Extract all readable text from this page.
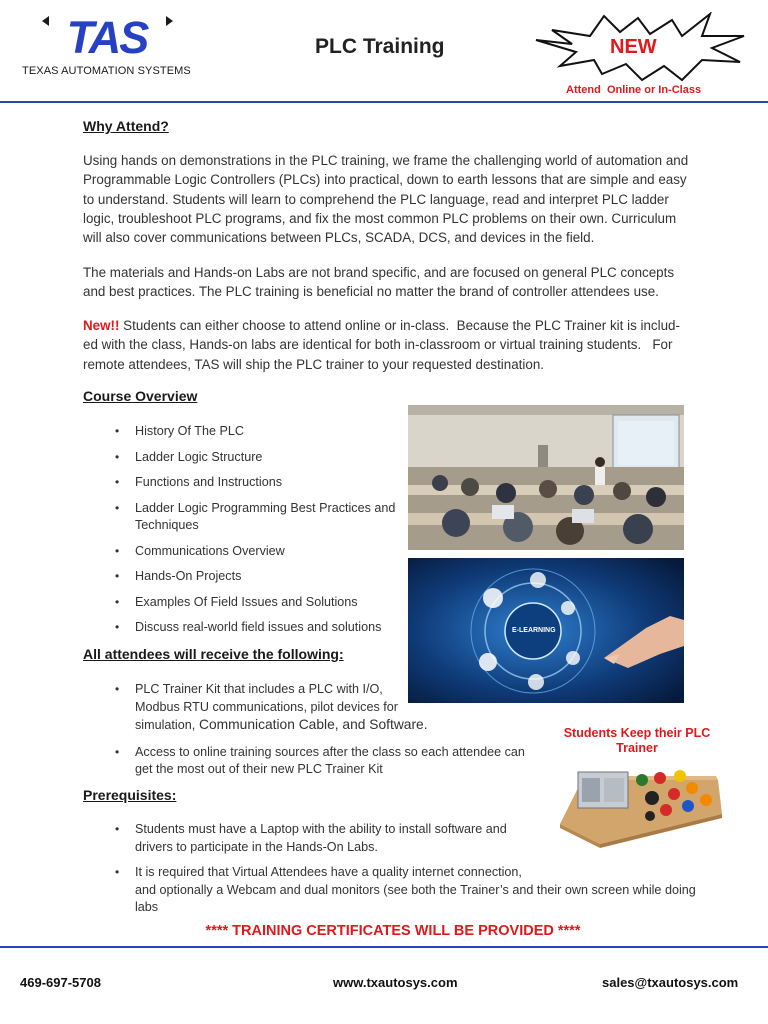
TAS
TEXAS AUTOMATION SYSTEMS
PLC Training	NEW
Attend  Online or In-Class
Why Attend?
Using hands on demonstrations in the PLC training, we frame the challenging world of automation and
Programmable Logic Controllers (PLCs) into practical, down to earth lessons that are simple and easy
to understand. Students will learn to comprehend the PLC language, read and interpret PLC ladder
logic, troubleshoot PLC programs, and fix the most common PLC problems on their own. Curriculum
will also cover communications between PLCs, SCADA, DCS, and devices in the field.
The materials and Hands-on Labs are not brand specific, and are focused on general PLC concepts
and best practices. The PLC training is beneficial no matter the brand of controller attendees use.
New!! Students can either choose to attend online or in-class.  Because the PLC Trainer kit is includ-
ed with the class, Hands-on labs are identical for both in-classroom or virtual training students.   For
remote attendees, TAS will ship the PLC trainer to your requested destination.
Course Overview
• History Of The PLC
• Ladder Logic Structure
• Functions and Instructions
• Ladder Logic Programming Best Practices and
Techniques
• Communications Overview
• Hands-On Projects
• Examples Of Field Issues and Solutions
• Discuss real-world field issues and solutions	E-LEARNING
All attendees will receive the following:
• PLC Trainer Kit that includes a PLC with I/O,
Modbus RTU communications, pilot devices for
simulation, Communication Cable, and Software.
• Access to online training sources after the class so each attendee can
get the most out of their new PLC Trainer Kit
Students Keep their PLC Trainer
Prerequisites:
• Students must have a Laptop with the ability to install software and
drivers to participate in the Hands-On Labs.
• It is required that Virtual Attendees have a quality internet connection,
and optionally a Webcam and dual monitors (see both the Trainer’s and their own screen while doing
labs
**** TRAINING CERTIFICATES WILL BE PROVIDED ****
469-697-5708	www.txautosys.com	sales@txautosys.com
